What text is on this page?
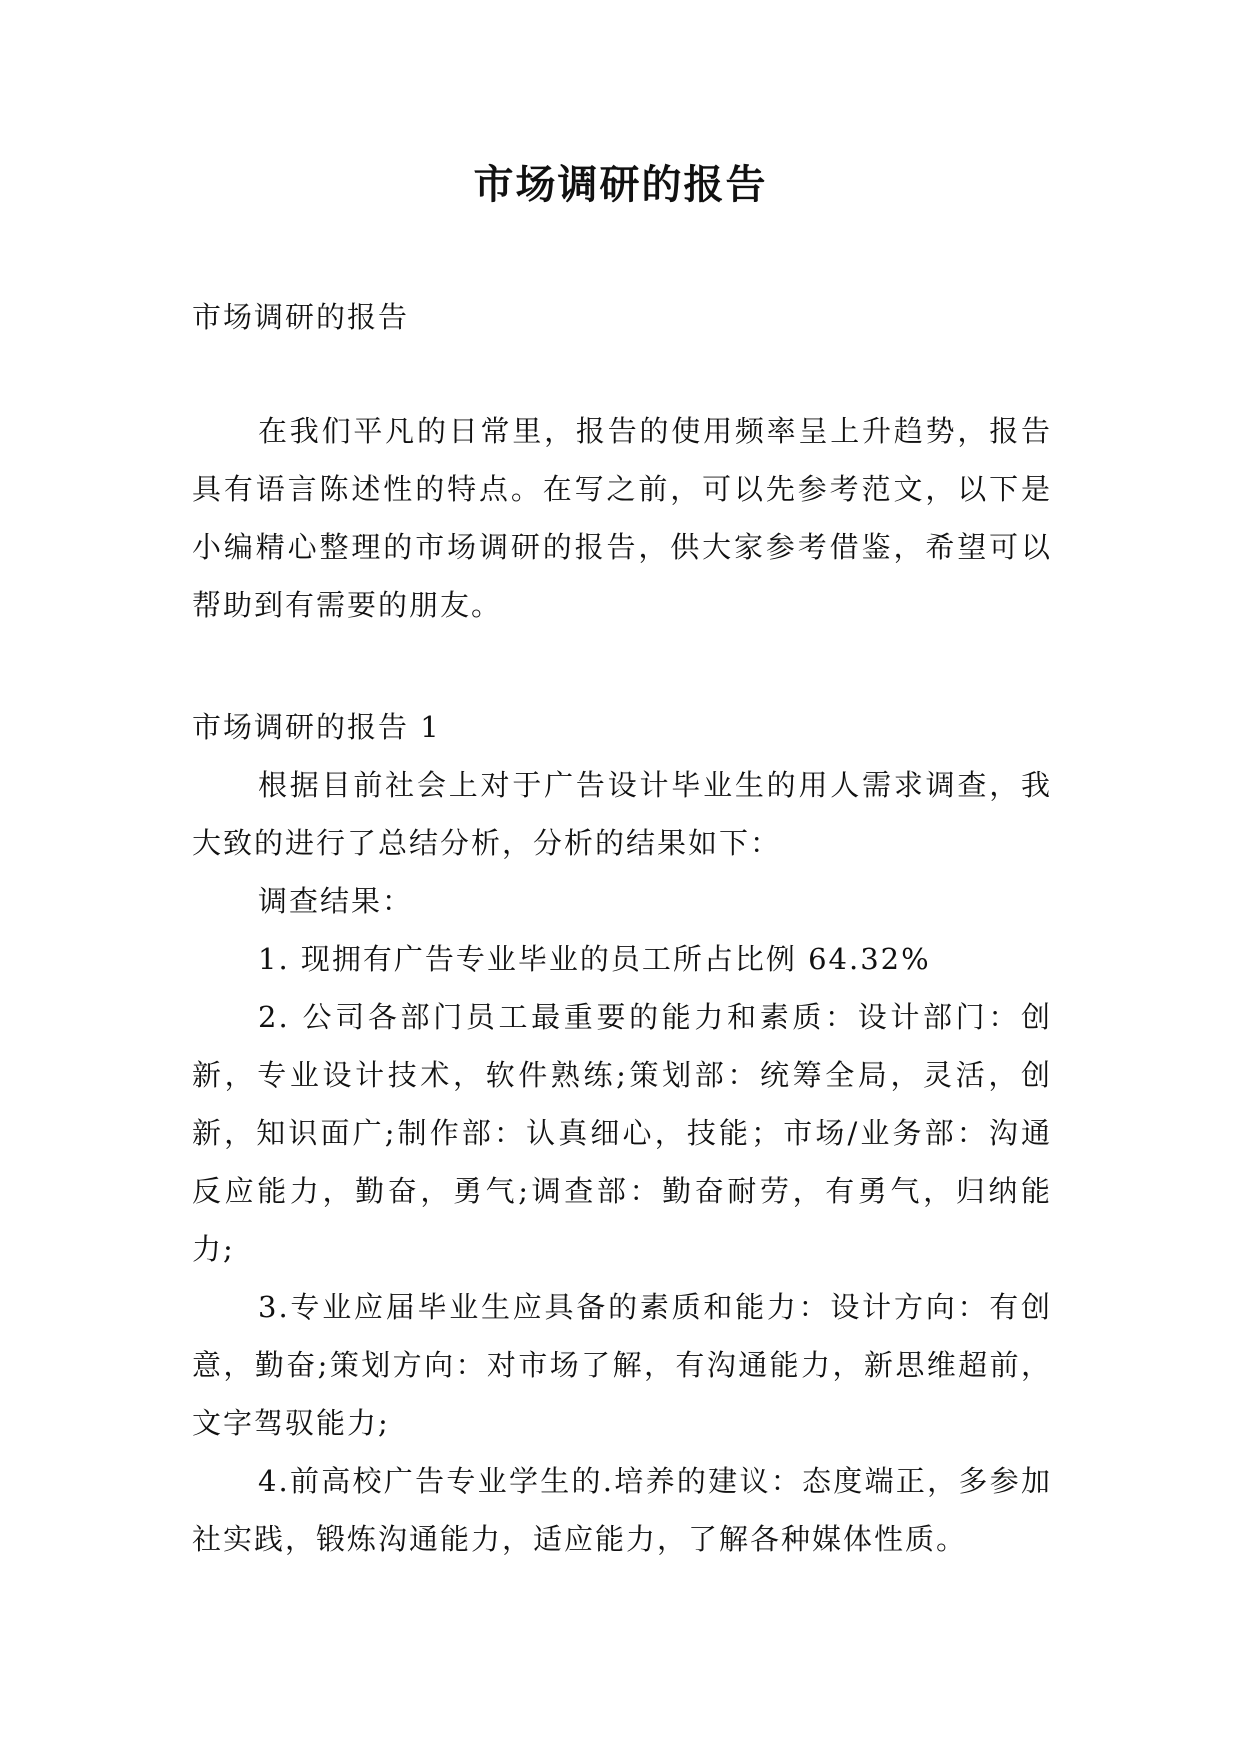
市场调研的报告
市场调研的报告
在我们平凡的日常里，报告的使用频率呈上升趋势，报告具有语言陈述性的特点。在写之前，可以先参考范文，以下是小编精心整理的市场调研的报告，供大家参考借鉴，希望可以帮助到有需要的朋友。
市场调研的报告 1

根据目前社会上对于广告设计毕业生的用人需求调查，我大致的进行了总结分析，分析的结果如下：

调查结果：

1. 现拥有广告专业毕业的员工所占比例 64.32%

2. 公司各部门员工最重要的能力和素质：设计部门：创新，专业设计技术，软件熟练;策划部：统筹全局，灵活，创新，知识面广;制作部：认真细心，技能；市场/业务部：沟通反应能力，勤奋，勇气;调查部：勤奋耐劳，有勇气，归纳能力;

3.专业应届毕业生应具备的素质和能力：设计方向：有创意，勤奋;策划方向：对市场了解，有沟通能力，新思维超前，文字驾驭能力;

4.前高校广告专业学生的.培养的建议：态度端正，多参加社实践，锻炼沟通能力，适应能力，了解各种媒体性质。
